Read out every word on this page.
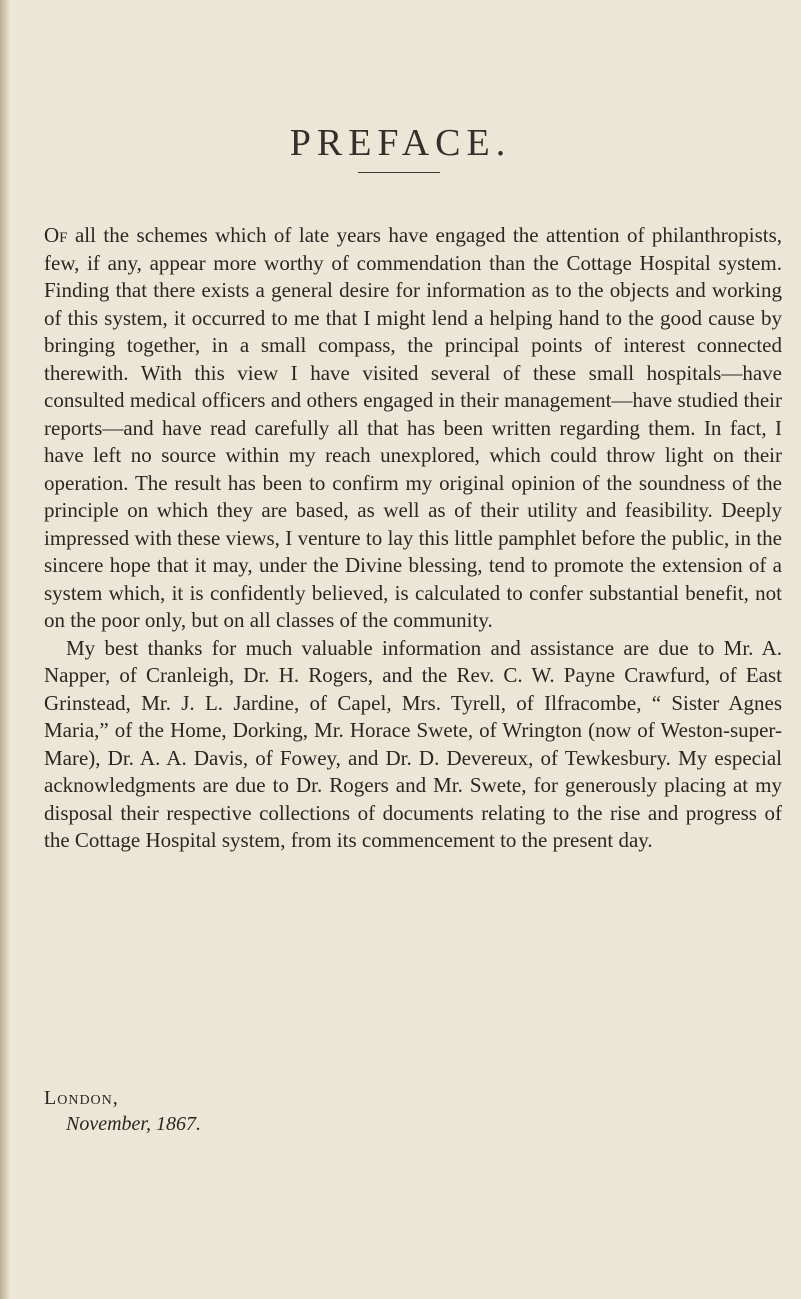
PREFACE.

Of all the schemes which of late years have engaged the attention of philanthropists, few, if any, appear more worthy of commendation than the Cottage Hospital system. Finding that there exists a general desire for information as to the objects and working of this system, it occurred to me that I might lend a helping hand to the good cause by bringing together, in a small compass, the principal points of interest connected therewith. With this view I have visited several of these small hospitals—have consulted medical officers and others engaged in their management—have studied their reports—and have read carefully all that has been written regarding them. In fact, I have left no source within my reach unexplored, which could throw light on their operation. The result has been to confirm my original opinion of the soundness of the principle on which they are based, as well as of their utility and feasibility. Deeply impressed with these views, I venture to lay this little pamphlet before the public, in the sincere hope that it may, under the Divine blessing, tend to promote the extension of a system which, it is confidently believed, is calculated to confer substantial benefit, not on the poor only, but on all classes of the community.

My best thanks for much valuable information and assistance are due to Mr. A. Napper, of Cranleigh, Dr. H. Rogers, and the Rev. C. W. Payne Crawfurd, of East Grinstead, Mr. J. L. Jardine, of Capel, Mrs. Tyrell, of Ilfracombe, “ Sister Agnes Maria,” of the Home, Dorking, Mr. Horace Swete, of Wrington (now of Weston-super-Mare), Dr. A. A. Davis, of Fowey, and Dr. D. Devereux, of Tewkesbury. My especial acknowledgments are due to Dr. Rogers and Mr. Swete, for generously placing at my disposal their respective collections of documents relating to the rise and progress of the Cottage Hospital system, from its commencement to the present day.

London,
November, 1867.
